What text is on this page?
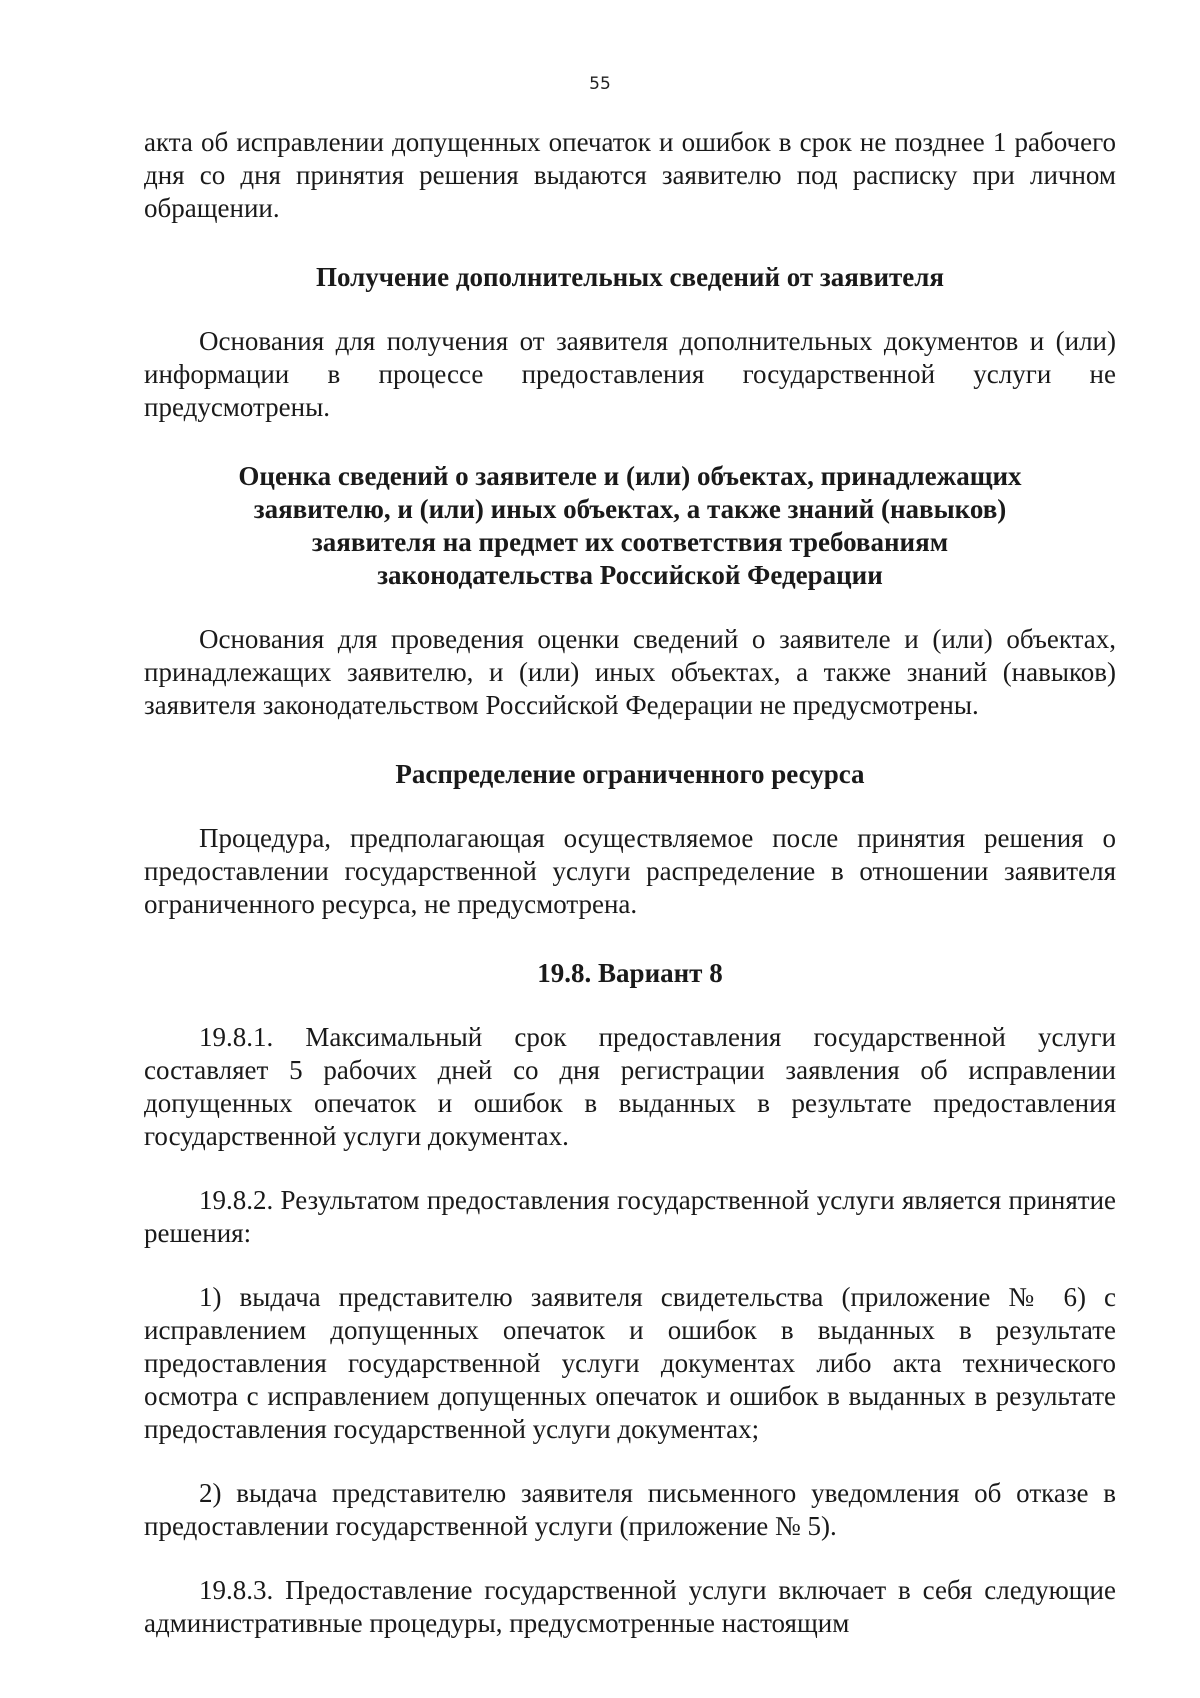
55

акта об исправлении допущенных опечаток и ошибок в срок не позднее 1 рабочего дня со дня принятия решения выдаются заявителю под расписку при личном обращении.

Получение дополнительных сведений от заявителя

Основания для получения от заявителя дополнительных документов и (или) информации в процессе предоставления государственной услуги не предусмотрены.

Оценка сведений о заявителе и (или) объектах, принадлежащих
заявителю, и (или) иных объектах, а также знаний (навыков)
заявителя на предмет их соответствия требованиям
законодательства Российской Федерации

Основания для проведения оценки сведений о заявителе и (или) объектах, принадлежащих заявителю, и (или) иных объектах, а также знаний (навыков) заявителя законодательством Российской Федерации не предусмотрены.

Распределение ограниченного ресурса

Процедура, предполагающая осуществляемое после принятия решения о предоставлении государственной услуги распределение в отношении заявителя ограниченного ресурса, не предусмотрена.

19.8. Вариант 8

19.8.1. Максимальный срок предоставления государственной услуги составляет 5 рабочих дней со дня регистрации заявления об исправлении допущенных опечаток и ошибок в выданных в результате предоставления государственной услуги документах.

19.8.2. Результатом предоставления государственной услуги является принятие решения:

1) выдача представителю заявителя свидетельства (приложение № 6) с исправлением допущенных опечаток и ошибок в выданных в результате предоставления государственной услуги документах либо акта технического осмотра с исправлением допущенных опечаток и ошибок в выданных в результате предоставления государственной услуги документах;

2) выдача представителю заявителя письменного уведомления об отказе в предоставлении государственной услуги (приложение № 5).

19.8.3. Предоставление государственной услуги включает в себя следующие административные процедуры, предусмотренные настоящим
